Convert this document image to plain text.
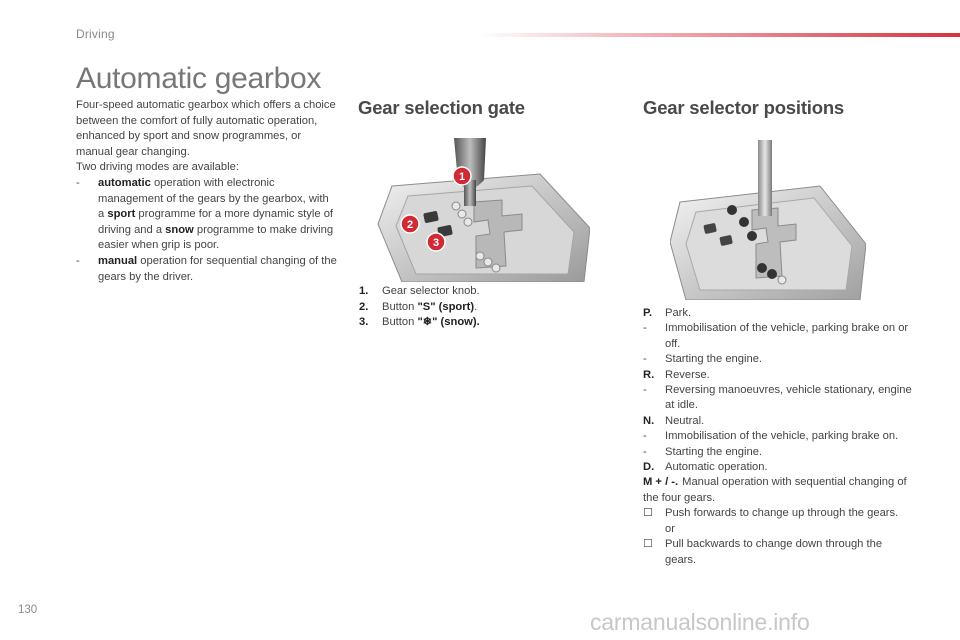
Driving
Automatic gearbox

Four-speed automatic gearbox which offers a choice between the comfort of fully automatic operation, enhanced by sport and snow programmes, or manual gear changing.

Two driving modes are available:

-	automatic operation with electronic management of the gears by the gearbox, with a sport programme for a more dynamic style of driving and a snow programme to make driving easier when grip is poor.
-	manual operation for sequential changing of the gears by the driver.
Gear selection gate	Gear selector positions
1
2
3
1.	Gear selector knob.
2.	Button "S" (sport).
3.	Button "❄" (snow).
P.	Park.
-	Immobilisation of the vehicle, parking brake on or off.
-	Starting the engine.
R. Reverse.
-	Reversing manoeuvres, vehicle stationary, engine at idle.
N. Neutral.
-	Immobilisation of the vehicle, parking brake on.
-	Starting the engine.
D. Automatic operation.
M + / -. Manual operation with sequential changing of the four gears.
☐	Push forwards to change up through the gears.
or
☐	Pull backwards to change down through the gears.
130	carmanualsonline.info
